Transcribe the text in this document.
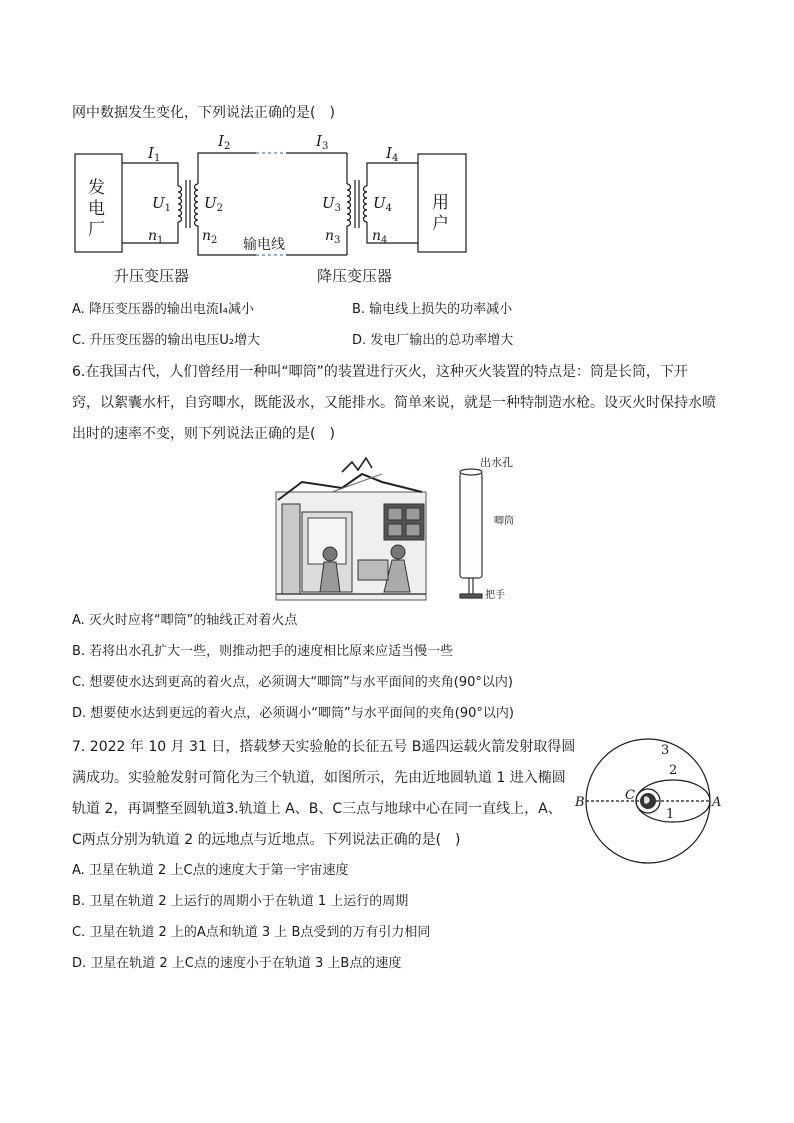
网中数据发生变化，下列说法正确的是(　)
发
电
厂
用
户
$I_1$
$I_2$	$I_3$	$I_4$
$U_1$ $U_2$	$U_3$ $U_4$
$n_1$	$n_2$	$n_3$ $n_4$
输电线
升压变压器	降压变压器
A. 降压变压器的输出电流I₄减小	B. 输电线上损失的功率减小
C. 升压变压器的输出电压U₂增大	D. 发电厂输出的总功率增大
6.在我国古代，人们曾经用一种叫“唧筒”的装置进行灭火，这种灭火装置的特点是：筒是长筒，下开
窍，以絮囊水杆，自窍唧水，既能汲水，又能排水。简单来说，就是一种特制造水枪。设灭火时保持水喷
出时的速率不变，则下列说法正确的是(　)
出水孔
唧筒
把手
A. 灭火时应将“唧筒”的轴线正对着火点
B. 若将出水孔扩大一些，则推动把手的速度相比原来应适当慢一些
C. 想要使水达到更高的着火点，必须调大“唧筒”与水平面间的夹角(90°以内)
D. 想要使水达到更远的着火点，必须调小“唧筒”与水平面间的夹角(90°以内)
7. 2022 年 10 月 31 日，搭载梦天实验舱的长征五号 B遥四运载火箭发射取得圆
满成功。实验舱发射可简化为三个轨道，如图所示，先由近地圆轨道 1 进入椭圆
轨道 2，再调整至圆轨道3.轨道上 A、B、C三点与地球中心在同一直线上，A、
C两点分别为轨道 2 的远地点与近地点。下列说法正确的是(　)
3
2
1
A
B	C
A. 卫星在轨道 2 上C点的速度大于第一宇宙速度
B. 卫星在轨道 2 上运行的周期小于在轨道 1 上运行的周期
C. 卫星在轨道 2 上的A点和轨道 3 上 B点受到的万有引力相同
D. 卫星在轨道 2 上C点的速度小于在轨道 3 上B点的速度
